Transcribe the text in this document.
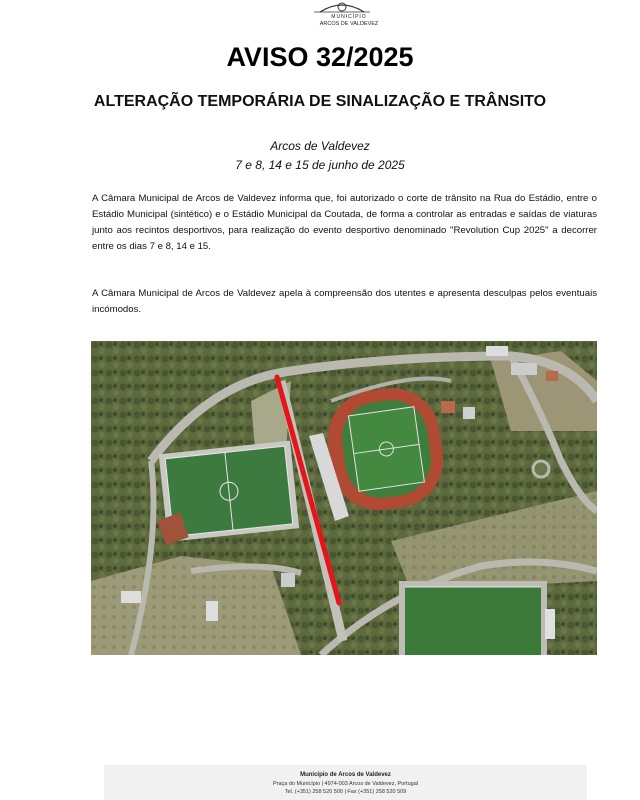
MUNICÍPIO
ARCOS DE VALDEVEZ
AVISO 32/2025
ALTERAÇÃO TEMPORÁRIA DE SINALIZAÇÃO E TRÂNSITO
Arcos de Valdevez
7 e 8, 14 e 15 de junho de 2025

A Câmara Municipal de Arcos de Valdevez informa que, foi autorizado o corte de trânsito na Rua do Estádio, entre o Estádio Municipal (sintético) e o Estádio Municipal da Coutada, de forma a controlar as entradas e saídas de viaturas junto aos recintos desportivos, para realização do evento desportivo denominado "Revolution Cup 2025" a decorrer entre os dias 7 e 8, 14 e 15.

A Câmara Municipal de Arcos de Valdevez apela à compreensão dos utentes e apresenta desculpas pelos eventuais incómodos.

Município de Arcos de Valdevez
Praça do Município | 4974-003 Arcos de Valdevez, Portugal
Tel. (+351) 258 520 500 | Fax (+351) 258 520 509
